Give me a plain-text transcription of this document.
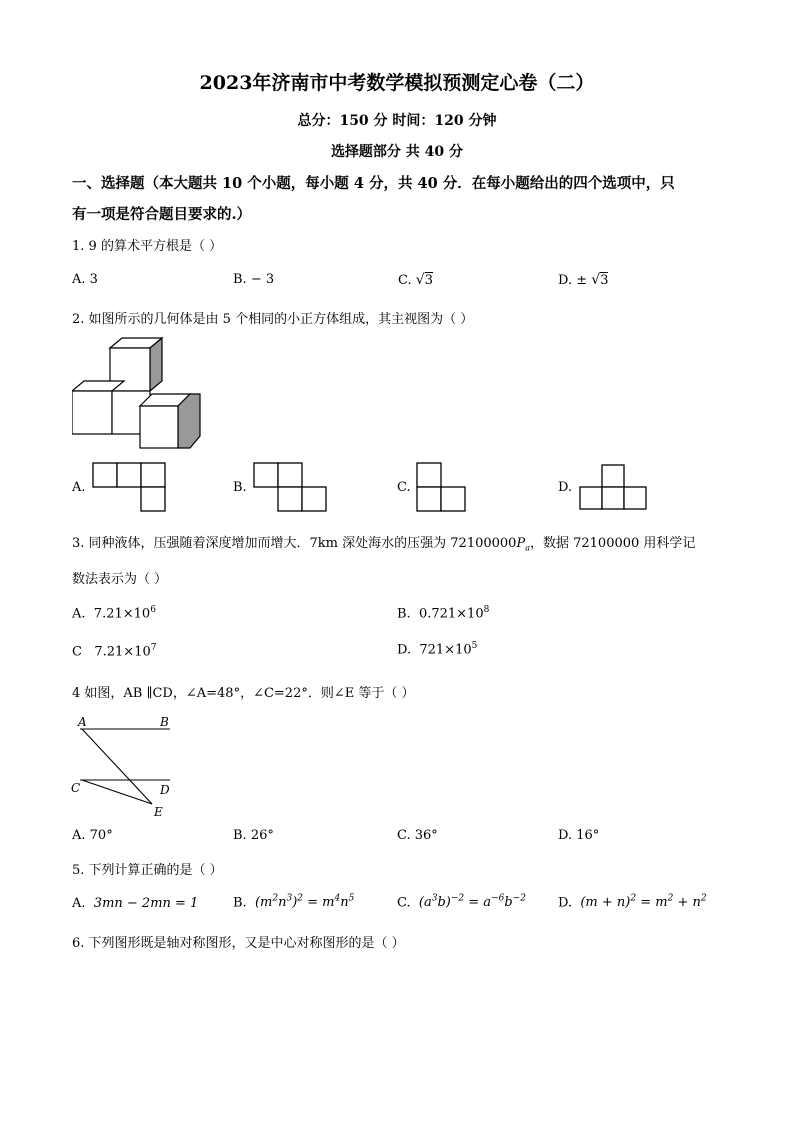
2023年济南市中考数学模拟预测定心卷（二）
总分：150 分 时间：120 分钟
选择题部分 共 40 分
一、选择题（本大题共 10 个小题，每小题 4 分，共 40 分．在每小题给出的四个选项中，只
有一项是符合题目要求的.）
1. 9 的算术平方根是（ ）
A. 3	B. − 3	C. √3	D. ± √3
2. 如图所示的几何体是由 5 个相同的小正方体组成，其主视图为（ ）
A.	B.	C.	D.
3. 同种液体，压强随着深度增加而增大．7km 深处海水的压强为 $72100000P_a$，数据 72100000 用科学记
数法表示为（ ）
A. $7.21\times 10^6$	B. $0.721\times 10^8$
C $7.21\times 10^7$	D. $721\times 10^5$
4 如图，AB ∥CD，∠A=48°，∠C=22°．则∠E 等于（ ）
A	B
C	D
E
A. 70°	B. 26°	C. 36°	D. 16°
5. 下列计算正确的是（ ）
A. 3mn − 2mn = 1	B. $(m^2n^3)^2 = m^4n^5$	C. $(a^3b)^{-2} = a^{-6}b^{-2}$ D. $(m + n)^2 = m^2 + n^2$
6. 下列图形既是轴对称图形，又是中心对称图形的是（ ）
